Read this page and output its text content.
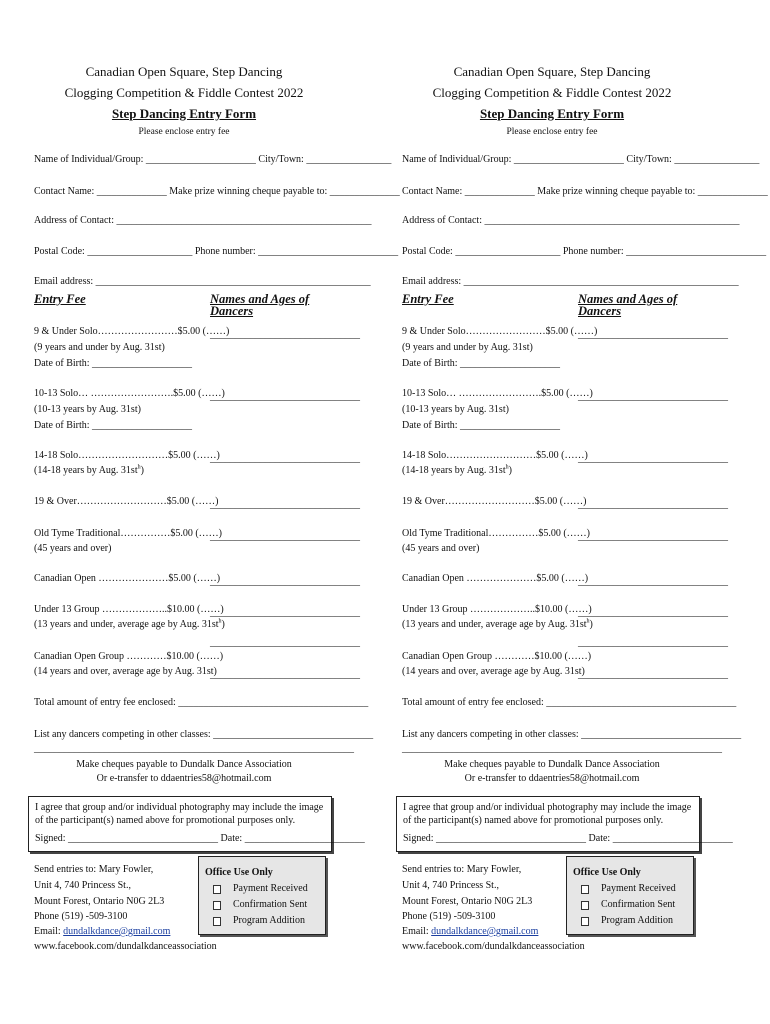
Canadian Open Square, Step Dancing
Clogging Competition & Fiddle Contest 2022
Step Dancing Entry Form
Please enclose entry fee
Name of Individual/Group: ______________________ City/Town: _________________
Contact Name: ______________ Make prize winning cheque payable to: ______________
Address of Contact: ___________________________________________________
Postal Code: _____________________ Phone number: ____________________________
Email address: _______________________________________________________
Entry Fee	Names and Ages of Dancers
9 & Under Solo……………………$5.00 (……)
(9 years and under by Aug. 31st)
Date of Birth: ____________________
______________________________
10-13 Solo… …………………….$5.00 (……)
(10-13 years by Aug. 31st)
Date of Birth: ____________________
______________________________
14-18 Solo………………………$5.00 (……)
(14-18 years by Aug. $31st^h$)
______________________________
19 & Over………………………$5.00 (……)
______________________________
Old Tyme Traditional……………$5.00 (……)
(45 years and over)
______________________________
Canadian Open …………………$5.00 (……)
______________________________
Under 13 Group ………………..$10.00 (……)
(13 years and under, average age by Aug. $31st^h$)
______________________________
______________________________
Canadian Open Group …………$10.00 (……)
(14 years and over, average age by Aug. 31st)
______________________________
Total amount of entry fee enclosed: ______________________________________
List any dancers competing in other classes: ________________________________
________________________________________________________________
Make cheques payable to Dundalk Dance Association
Or e-transfer to ddaentries58@hotmail.com
I agree that group and/or individual photography may include the image of the participant(s) named above for promotional purposes only.
Signed: ______________________________ Date: ________________________
Send entries to: Mary Fowler,
Unit 4, 740 Princess St.,
Mount Forest, Ontario N0G 2L3
Phone (519) -509-3100
Email: dundalkdance@gmail.com
www.facebook.com/dundalkdanceassociation
Office Use Only
Payment Received
Confirmation Sent
Program Addition
Canadian Open Square, Step Dancing
Clogging Competition & Fiddle Contest 2022
Step Dancing Entry Form
Please enclose entry fee
Name of Individual/Group: ______________________ City/Town: _________________
Contact Name: ______________ Make prize winning cheque payable to: ______________
Address of Contact: ___________________________________________________
Postal Code: _____________________ Phone number: ____________________________
Email address: _______________________________________________________
Entry Fee	Names and Ages of Dancers
9 & Under Solo……………………$5.00 (……)
(9 years and under by Aug. 31st)
Date of Birth: ____________________
______________________________
10-13 Solo… …………………….$5.00 (……)
(10-13 years by Aug. 31st)
Date of Birth: ____________________
______________________________
14-18 Solo………………………$5.00 (……)
(14-18 years by Aug. $31st^h$)
______________________________
19 & Over………………………$5.00 (……)
______________________________
Old Tyme Traditional……………$5.00 (……)
(45 years and over)
______________________________
Canadian Open …………………$5.00 (……)
______________________________
Under 13 Group ………………..$10.00 (……)
(13 years and under, average age by Aug. $31st^h$)
______________________________
______________________________
Canadian Open Group …………$10.00 (……)
(14 years and over, average age by Aug. 31st)
______________________________
Total amount of entry fee enclosed: ______________________________________
List any dancers competing in other classes: ________________________________
________________________________________________________________
Make cheques payable to Dundalk Dance Association
Or e-transfer to ddaentries58@hotmail.com
I agree that group and/or individual photography may include the image of the participant(s) named above for promotional purposes only.
Signed: ______________________________ Date: ________________________
Send entries to: Mary Fowler,
Unit 4, 740 Princess St.,
Mount Forest, Ontario N0G 2L3
Phone (519) -509-3100
Email: dundalkdance@gmail.com
www.facebook.com/dundalkdanceassociation
Office Use Only
Payment Received
Confirmation Sent
Program Addition
